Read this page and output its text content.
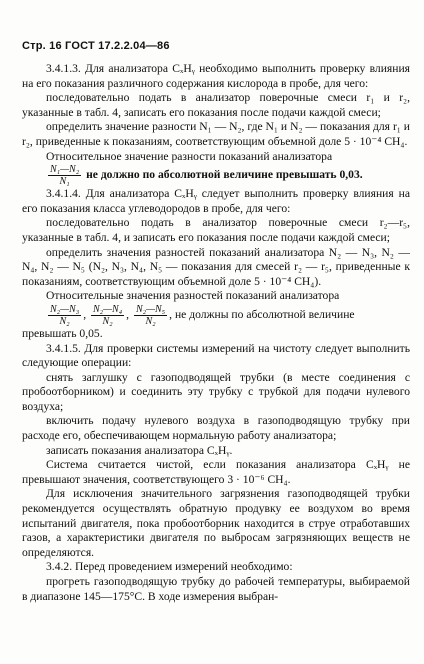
Стр. 16 ГОСТ 17.2.2.04—86

3.4.1.3. Для анализатора CₓHᵧ необходимо выполнить проверку влияния на его показания различного содержания кислорода в пробе, для чего:

последовательно подать в анализатор поверочные смеси r₁ и r₂, указанные в табл. 4, записать его показания после подачи каждой смеси;

определить значение разности N₁ — N₂, где N₁ и N₂ — показания для r₁ и r₂, приведенные к показаниям, соответствующим объемной доле 5 · 10⁻⁴ CH₄.

Относительное значение разности показаний анализатора

$\frac{\text{N₁—N₂}}{\text{N₁}}$ не должно по абсолютной величине превышать 0,03.

3.4.1.4. Для анализатора CₓHᵧ следует выполнить проверку влияния на его показания класса углеводородов в пробе, для чего:

последовательно подать в анализатор поверочные смеси r₂—r₅, указанные в табл. 4, и записать его показания после подачи каждой смеси;

определить значения разностей показаний анализатора N₂ — N₃, N₂ — N₄, N₂ — N₅ (N₂, N₃, N₄, N₅ — показания для смесей r₂ — r₅, приведенные к показаниям, соответствующим объемной доле 5 · 10⁻⁴ CH₄).

Относительные значения разностей показаний анализатора

$\frac{\text{N₂—N₃}}{\text{N₂}}$ , $\frac{\text{N₂—N₄}}{\text{N₂}}$ , $\frac{\text{N₂—N₅}}{\text{N₂}}$ , не должны по абсолютной величине

превышать 0,05.

3.4.1.5. Для проверки системы измерений на чистоту следует выполнить следующие операции:

снять заглушку с газоподводящей трубки (в месте соединения с пробоотборником) и соединить эту трубку с трубкой для подачи нулевого воздуха;

включить подачу нулевого воздуха в газоподводящую трубку при расходе его, обеспечивающем нормальную работу анализатора;

записать показания анализатора CₓHᵧ.

Система считается чистой, если показания анализатора CₓHᵧ не превышают значения, соответствующего 3 · 10⁻⁶ CH₄.

Для исключения значительного загрязнения газоподводящей трубки рекомендуется осуществлять обратную продувку ее воздухом во время испытаний двигателя, пока пробоотборник находится в струе отработавших газов, а характеристики двигателя по выбросам загрязняющих веществ не определяются.

3.4.2. Перед проведением измерений необходимо:

прогреть газоподводящую трубку до рабочей температуры, выбираемой в диапазоне 145—175°С. В ходе измерения выбран-
